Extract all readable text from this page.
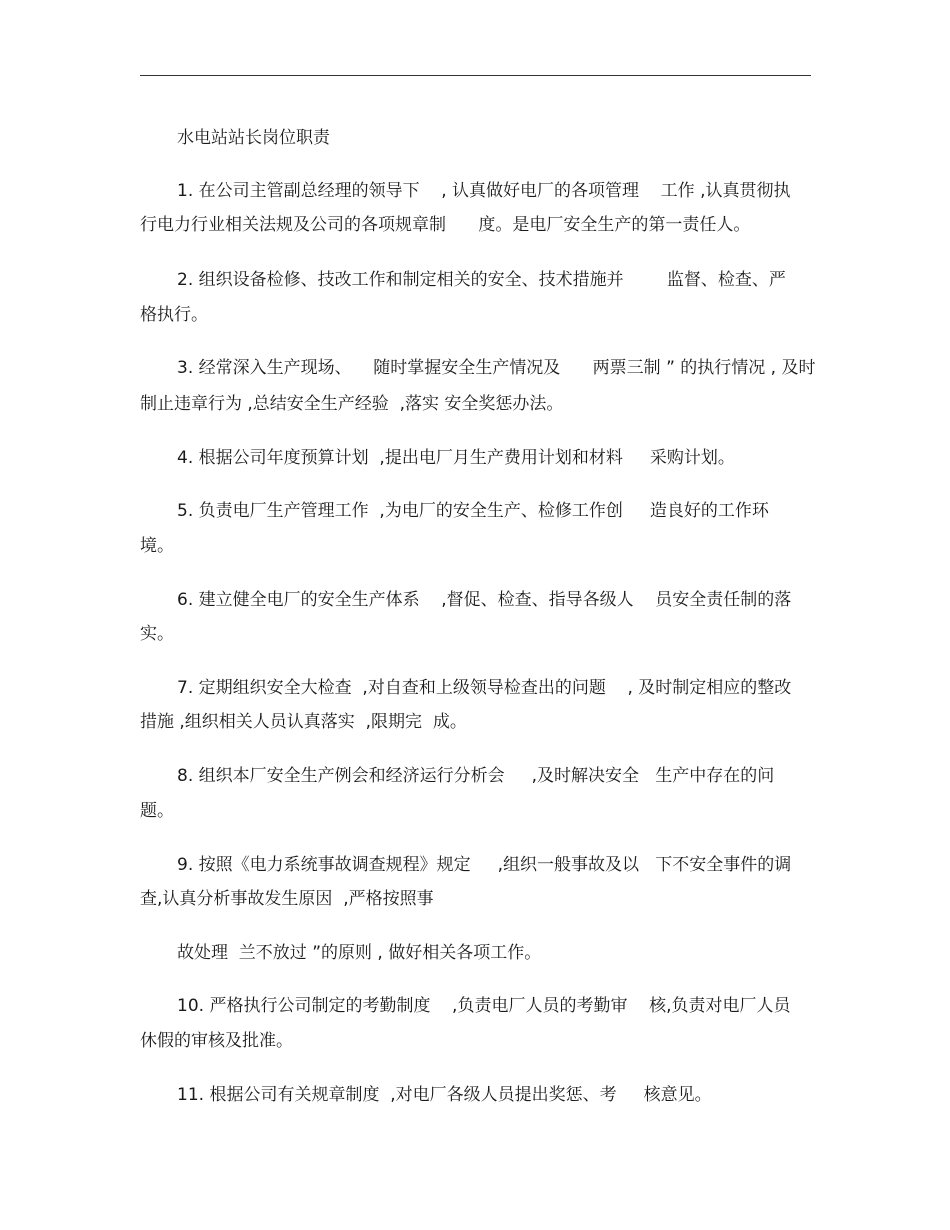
水电站站长岗位职责
1. 在公司主管副总经理的领导下    , 认真做好电厂的各项管理    工作 ,认真贯彻执
行电力行业相关法规及公司的各项规章制      度。是电厂安全生产的第一责任人。
2. 组织设备检修、技改工作和制定相关的安全、技术措施并        监督、检查、严
格执行。
3. 经常深入生产现场、    随时掌握安全生产情况及      两票三制 ” 的执行情况 , 及时
制止违章行为 ,总结安全生产经验  ,落实 安全奖惩办法。
4. 根据公司年度预算计划  ,提出电厂月生产费用计划和材料     采购计划。
5. 负责电厂生产管理工作  ,为电厂的安全生产、检修工作创     造良好的工作环
境。
6. 建立健全电厂的安全生产体系    ,督促、检查、指导各级人    员安全责任制的落
实。
7. 定期组织安全大检查  ,对自查和上级领导检查出的问题    , 及时制定相应的整改
措施 ,组织相关人员认真落实  ,限期完  成。
8. 组织本厂安全生产例会和经济运行分析会     ,及时解决安全   生产中存在的问
题。
9. 按照《电力系统事故调查规程》规定     ,组织一般事故及以   下不安全事件的调
查,认真分析事故发生原因  ,严格按照事
故处理  兰不放过 ”的原则 , 做好相关各项工作。
10. 严格执行公司制定的考勤制度    ,负责电厂人员的考勤审    核,负责对电厂人员
休假的审核及批准。
11. 根据公司有关规章制度  ,对电厂各级人员提出奖惩、考     核意见。
